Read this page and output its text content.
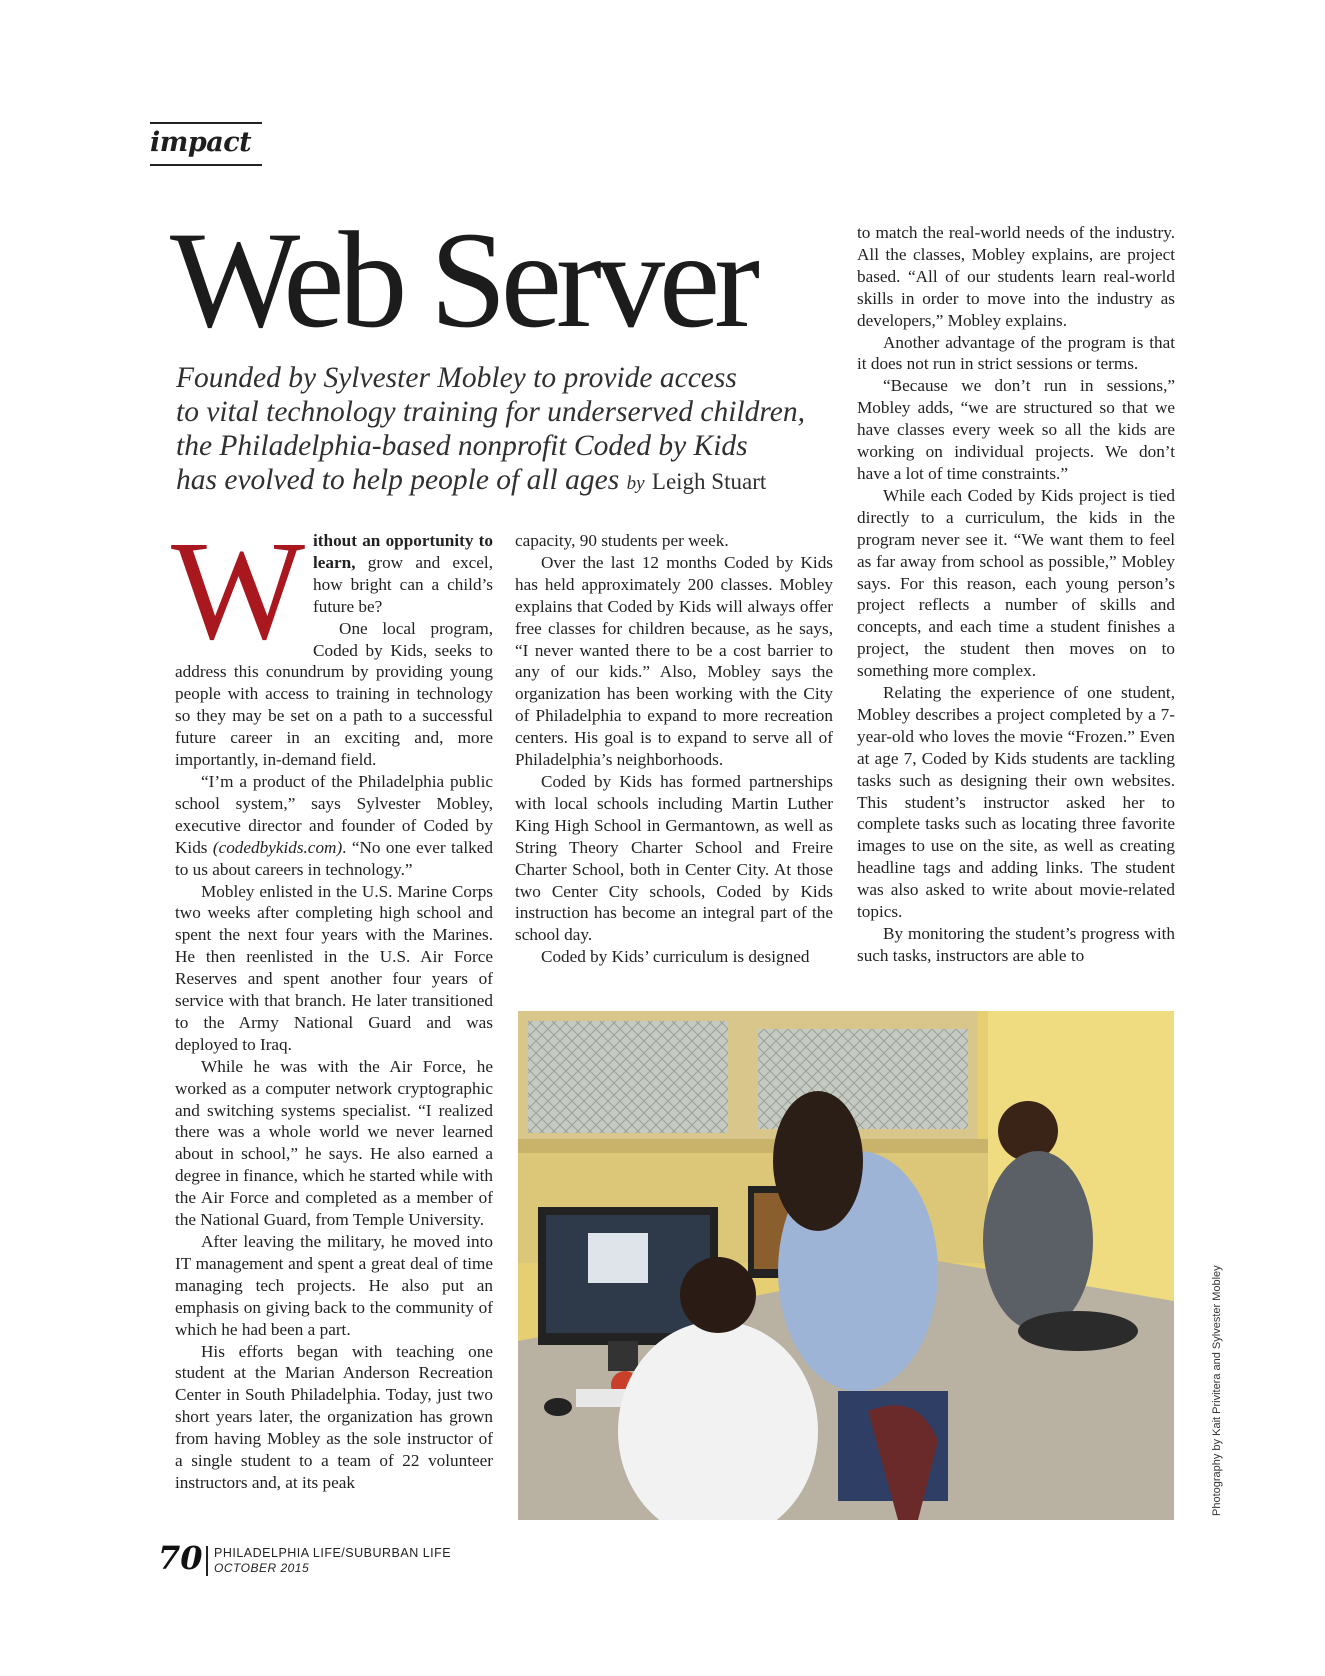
impact
Web Server
Founded by Sylvester Mobley to provide access
to vital technology training for underserved children,
the Philadelphia-based nonprofit Coded by Kids
has evolved to help people of all ages by Leigh Stuart
W ithout an opportunity to learn, grow and excel, how bright can a child’s future be?

One local program, Coded by Kids, seeks to address this conundrum by providing young people with access to training in technology so they may be set on a path to a successful future career in an exciting and, more importantly, in-demand field.

“I’m a product of the Philadelphia public school system,” says Sylvester Mobley, executive director and founder of Coded by Kids (codedbykids.com). “No one ever talked to us about careers in technology.”

Mobley enlisted in the U.S. Marine Corps two weeks after completing high school and spent the next four years with the Marines. He then reenlisted in the U.S. Air Force Reserves and spent another four years of service with that branch. He later transitioned to the Army National Guard and was deployed to Iraq.

While he was with the Air Force, he worked as a computer network cryptographic and switching systems specialist. “I realized there was a whole world we never learned about in school,” he says. He also earned a degree in finance, which he started while with the Air Force and completed as a member of the National Guard, from Temple University.

After leaving the military, he moved into IT management and spent a great deal of time managing tech projects. He also put an emphasis on giving back to the community of which he had been a part.

His efforts began with teaching one student at the Marian Anderson Recreation Center in South Philadelphia. Today, just two short years later, the organization has grown from having Mobley as the sole instructor of a single student to a team of 22 volunteer instructors and, at its peak

capacity, 90 students per week.

Over the last 12 months Coded by Kids has held approximately 200 classes. Mobley explains that Coded by Kids will always offer free classes for children because, as he says, “I never wanted there to be a cost barrier to any of our kids.” Also, Mobley says the organization has been working with the City of Philadelphia to expand to more recreation centers. His goal is to expand to serve all of Philadelphia’s neighborhoods.

Coded by Kids has formed partnerships with local schools including Martin Luther King High School in Germantown, as well as String Theory Charter School and Freire Charter School, both in Center City. At those two Center City schools, Coded by Kids instruction has become an integral part of the school day.

Coded by Kids’ curriculum is designed

to match the real-world needs of the industry. All the classes, Mobley explains, are project based. “All of our students learn real-world skills in order to move into the industry as developers,” Mobley explains.

Another advantage of the program is that it does not run in strict sessions or terms.

“Because we don’t run in sessions,” Mobley adds, “we are structured so that we have classes every week so all the kids are working on individual projects. We don’t have a lot of time constraints.”

While each Coded by Kids project is tied directly to a curriculum, the kids in the program never see it. “We want them to feel as far away from school as possible,” Mobley says. For this reason, each young person’s project reflects a number of skills and concepts, and each time a student finishes a project, the student then moves on to something more complex.

Relating the experience of one student, Mobley describes a project completed by a 7-year-old who loves the movie “Frozen.” Even at age 7, Coded by Kids students are tackling tasks such as designing their own websites. This student’s instructor asked her to complete tasks such as locating three favorite images to use on the site, as well as creating headline tags and adding links. The student was also asked to write about movie-related topics.

By monitoring the student’s progress with such tasks, instructors are able to

Photography by Kait Privitera and Sylvester Mobley
70 PHILADELPHIA LIFE/SUBURBAN LIFE
OCTOBER 2015
